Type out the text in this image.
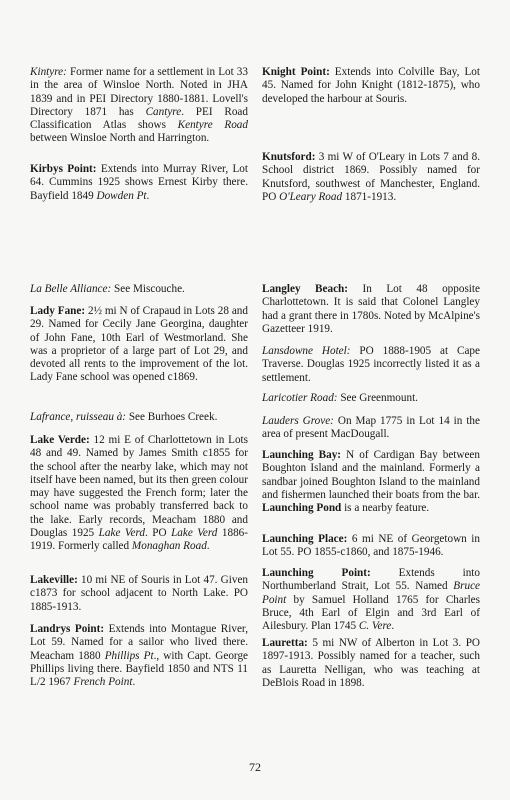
Kintyre: Former name for a settlement in Lot 33 in the area of Winsloe North. Noted in JHA 1839 and in PEI Directory 1880-1881. Lovell's Directory 1871 has Cantyre. PEI Road Classification Atlas shows Kentyre Road between Winsloe North and Harrington.

Kirbys Point: Extends into Murray River, Lot 64. Cummins 1925 shows Ernest Kirby there. Bayfield 1849 Dowden Pt.

La Belle Alliance: See Miscouche.

Lady Fane: 2½ mi N of Crapaud in Lots 28 and 29. Named for Cecily Jane Georgina, daughter of John Fane, 10th Earl of Westmorland. She was a proprietor of a large part of Lot 29, and devoted all rents to the improvement of the lot. Lady Fane school was opened c1869.

Lafrance, ruisseau à: See Burhoes Creek.

Lake Verde: 12 mi E of Charlottetown in Lots 48 and 49. Named by James Smith c1855 for the school after the nearby lake, which may not itself have been named, but its then green colour may have suggested the French form; later the school name was probably transferred back to the lake. Early records, Meacham 1880 and Douglas 1925 Lake Verd. PO Lake Verd 1886-1919. Formerly called Monaghan Road.

Lakeville: 10 mi NE of Souris in Lot 47. Given c1873 for school adjacent to North Lake. PO 1885-1913.

Landrys Point: Extends into Montague River, Lot 59. Named for a sailor who lived there. Meacham 1880 Phillips Pt., with Capt. George Phillips living there. Bayfield 1850 and NTS 11 L/2 1967 French Point.

Knight Point: Extends into Colville Bay, Lot 45. Named for John Knight (1812-1875), who developed the harbour at Souris.

Knutsford: 3 mi W of O'Leary in Lots 7 and 8. School district 1869. Possibly named for Knutsford, southwest of Manchester, England. PO O'Leary Road 1871-1913.

Langley Beach: In Lot 48 opposite Charlottetown. It is said that Colonel Langley had a grant there in 1780s. Noted by McAlpine's Gazetteer 1919.

Lansdowne Hotel: PO 1888-1905 at Cape Traverse. Douglas 1925 incorrectly listed it as a settlement.

Laricotier Road: See Greenmount.

Lauders Grove: On Map 1775 in Lot 14 in the area of present MacDougall.

Launching Bay: N of Cardigan Bay between Boughton Island and the mainland. Formerly a sandbar joined Boughton Island to the mainland and fishermen launched their boats from the bar. Launching Pond is a nearby feature.

Launching Place: 6 mi NE of Georgetown in Lot 55. PO 1855-c1860, and 1875-1946.

Launching Point: Extends into Northumberland Strait, Lot 55. Named Bruce Point by Samuel Holland 1765 for Charles Bruce, 4th Earl of Elgin and 3rd Earl of Ailesbury. Plan 1745 C. Vere.

Lauretta: 5 mi NW of Alberton in Lot 3. PO 1897-1913. Possibly named for a teacher, such as Lauretta Nelligan, who was teaching at DeBlois Road in 1898.

72
